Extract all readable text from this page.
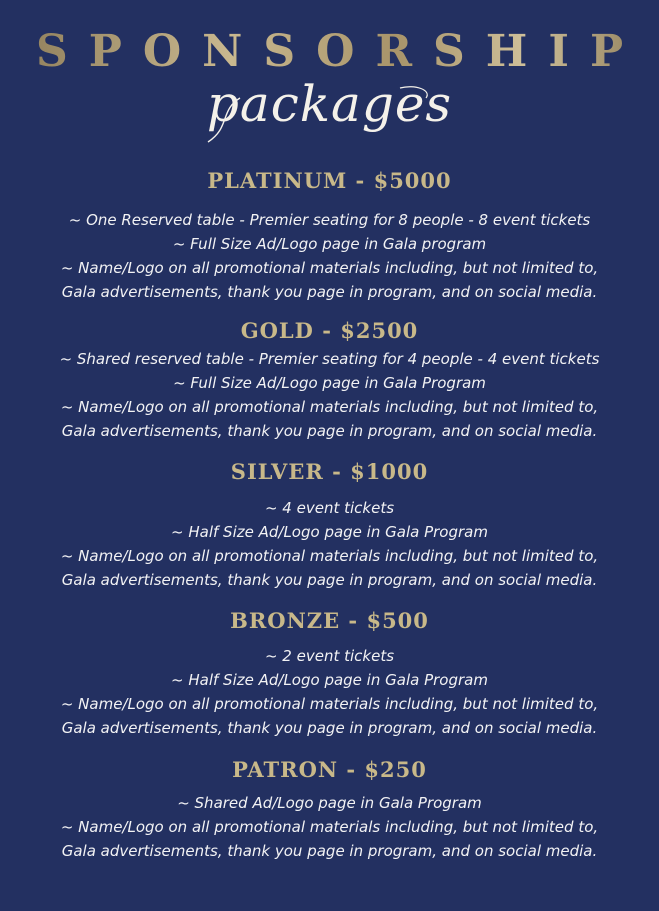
SPONSORSHIP
packages
PLATINUM - $5000
~ One Reserved table - Premier seating for 8 people - 8 event tickets
~ Full Size Ad/Logo page in Gala program
~ Name/Logo on all promotional materials including, but not limited to,
Gala advertisements, thank you page in program, and on social media.
GOLD - $2500
~ Shared reserved table - Premier seating for 4 people - 4 event tickets
~ Full Size Ad/Logo page in Gala Program
~ Name/Logo on all promotional materials including, but not limited to,
Gala advertisements, thank you page in program, and on social media.
SILVER - $1000
~ 4 event tickets
~ Half Size Ad/Logo page in Gala Program
~ Name/Logo on all promotional materials including, but not limited to,
Gala advertisements, thank you page in program, and on social media.
BRONZE - $500
~ 2 event tickets
~ Half Size Ad/Logo page in Gala Program
~ Name/Logo on all promotional materials including, but not limited to,
Gala advertisements, thank you page in program, and on social media.
PATRON - $250
~ Shared Ad/Logo page in Gala Program
~ Name/Logo on all promotional materials including, but not limited to,
Gala advertisements, thank you page in program, and on social media.
